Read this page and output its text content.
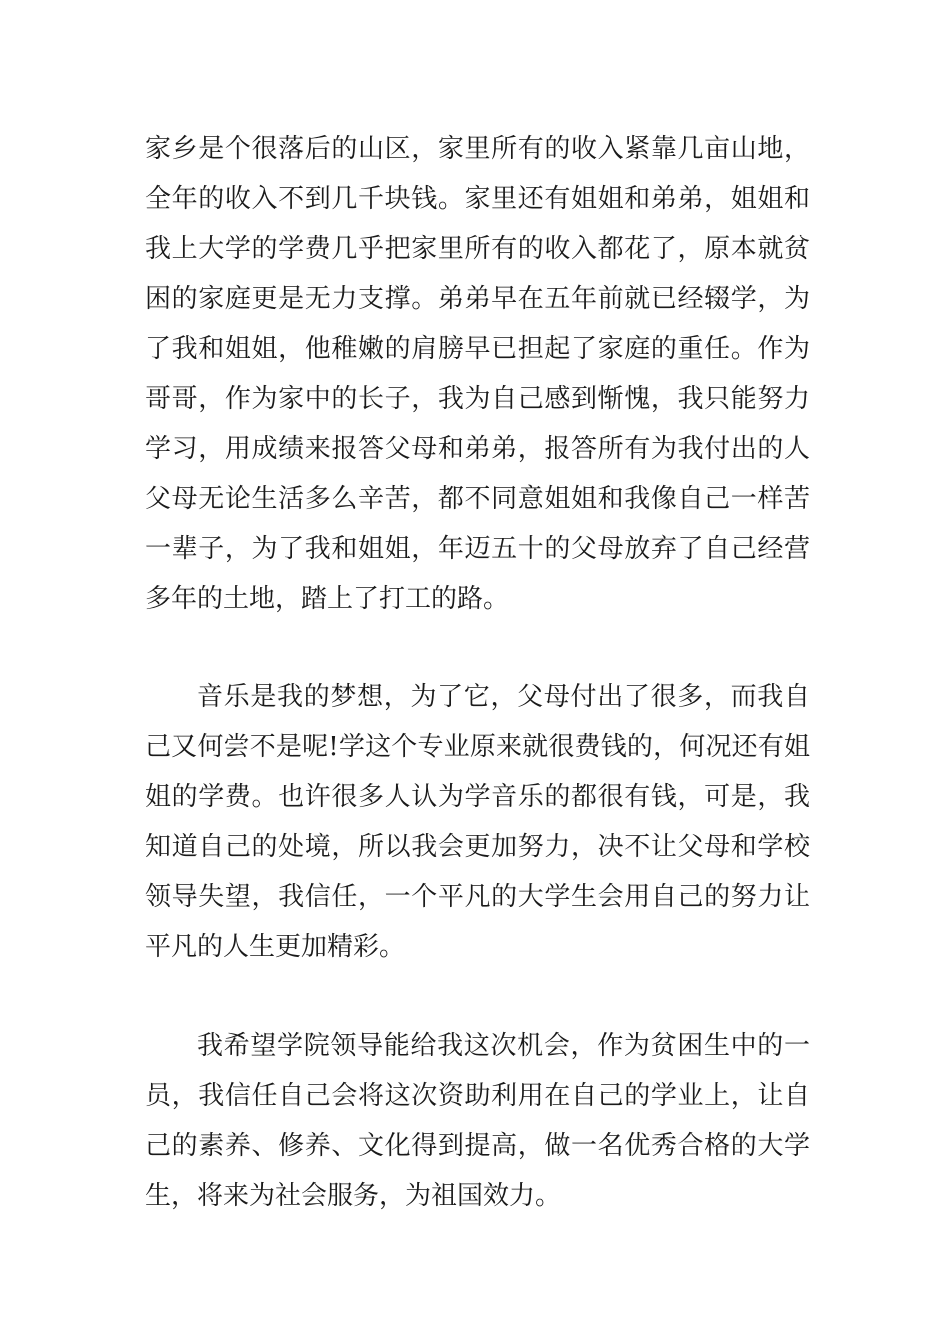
家乡是个很落后的山区，家里所有的收入紧靠几亩山地，
全年的收入不到几千块钱。家里还有姐姐和弟弟，姐姐和
我上大学的学费几乎把家里所有的收入都花了，原本就贫
困的家庭更是无力支撑。弟弟早在五年前就已经辍学，为
了我和姐姐，他稚嫩的肩膀早已担起了家庭的重任。作为
哥哥，作为家中的长子，我为自己感到惭愧，我只能努力
学习，用成绩来报答父母和弟弟，报答所有为我付出的人
父母无论生活多么辛苦，都不同意姐姐和我像自己一样苦
一辈子，为了我和姐姐，年迈五十的父母放弃了自己经营
多年的土地，踏上了打工的路。
音乐是我的梦想，为了它，父母付出了很多，而我自
己又何尝不是呢!学这个专业原来就很费钱的，何况还有姐
姐的学费。也许很多人认为学音乐的都很有钱，可是，我
知道自己的处境，所以我会更加努力，决不让父母和学校
领导失望，我信任，一个平凡的大学生会用自己的努力让
平凡的人生更加精彩。
我希望学院领导能给我这次机会，作为贫困生中的一
员，我信任自己会将这次资助利用在自己的学业上，让自
己的素养、修养、文化得到提高，做一名优秀合格的大学
生，将来为社会服务，为祖国效力。
